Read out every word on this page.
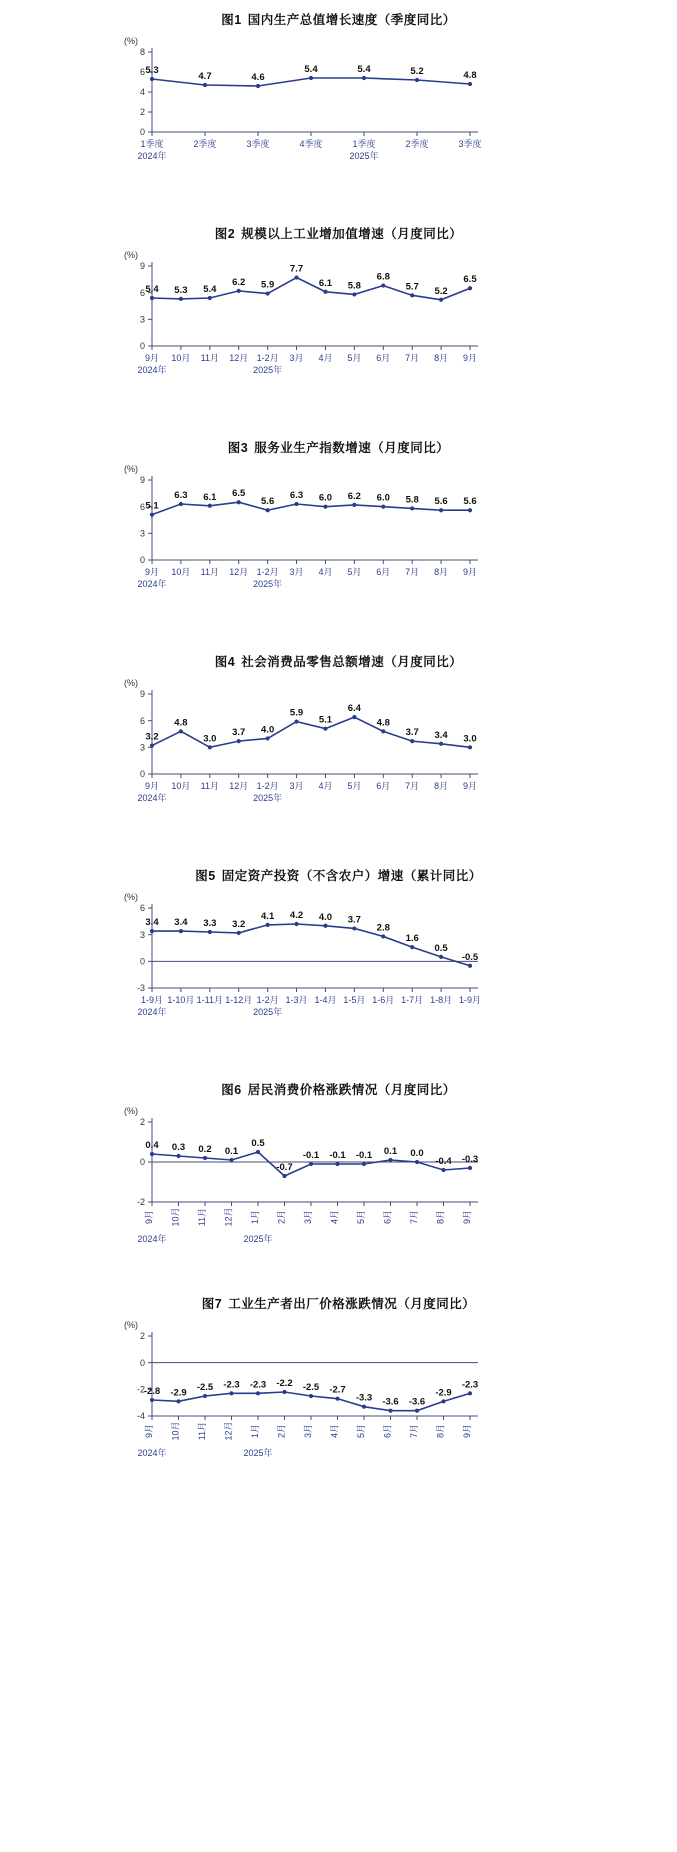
图1 国内生产总值增长速度（季度同比）
(%)
0
2
4
6
8
5.3
4.7	4.6
5.4	5.4	5.2	4.8
1季度	2季度	3季度	4季度	1季度	2季度	3季度
2024年	2025年
图2 规模以上工业增加值增速（月度同比）
(%)
0
3
6
9
5.4 5.3 5.4
6.2 5.9
7.7
6.1 5.8
6.8
5.7 5.2
6.5
9月 10月 11月 12月 1-2月 3月 4月 5月 6月 7月 8月 9月
2024年	2025年
图3 服务业生产指数增速（月度同比）
(%)
0
3
6
9
5.1
6.3 6.1 6.5
5.6
6.3 6.0 6.2 6.0 5.8 5.6 5.6
9月 10月 11月 12月 1-2月 3月 4月 5月 6月 7月 8月 9月
2024年	2025年
图4 社会消费品零售总额增速（月度同比）
(%)
0
3
6
9
3.2
4.8
3.0
3.7 4.0
5.9
5.1
6.4
4.8
3.7 3.4 3.0
9月 10月 11月 12月 1-2月 3月 4月 5月 6月 7月 8月 9月
2024年	2025年
图5 固定资产投资（不含农户）增速（累计同比）
(%)
-3
0
3
6
3.4 3.4 3.3 3.2
4.1 4.2 4.0 3.7
2.8
1.6
0.5
-0.5
1-9月 1-10月 1-11月 1-12月 1-2月 1-3月 1-4月 1-5月 1-6月 1-7月 1-8月 1-9月
2024年	2025年
图6 居民消费价格涨跌情况（月度同比）
(%)
-2
0
2
0.4 0.3 0.2 0.1
0.5
-0.7
-0.1 -0.1 -0.1 0.1 0.0
-0.4 -0.3
9月 10月 11月 12月 1月 2月 3月 4月 5月 6月 7月 8月 9月
2024年	2025年
图7 工业生产者出厂价格涨跌情况（月度同比）
(%)
-4
-2
0
2
-2.8 -2.9 -2.5 -2.3 -2.3 -2.2 -2.5 -2.7
-3.3 -3.6 -3.6
-2.9
-2.3
9月 10月 11月 12月 1月 2月 3月 4月 5月 6月 7月 8月 9月
2024年	2025年
